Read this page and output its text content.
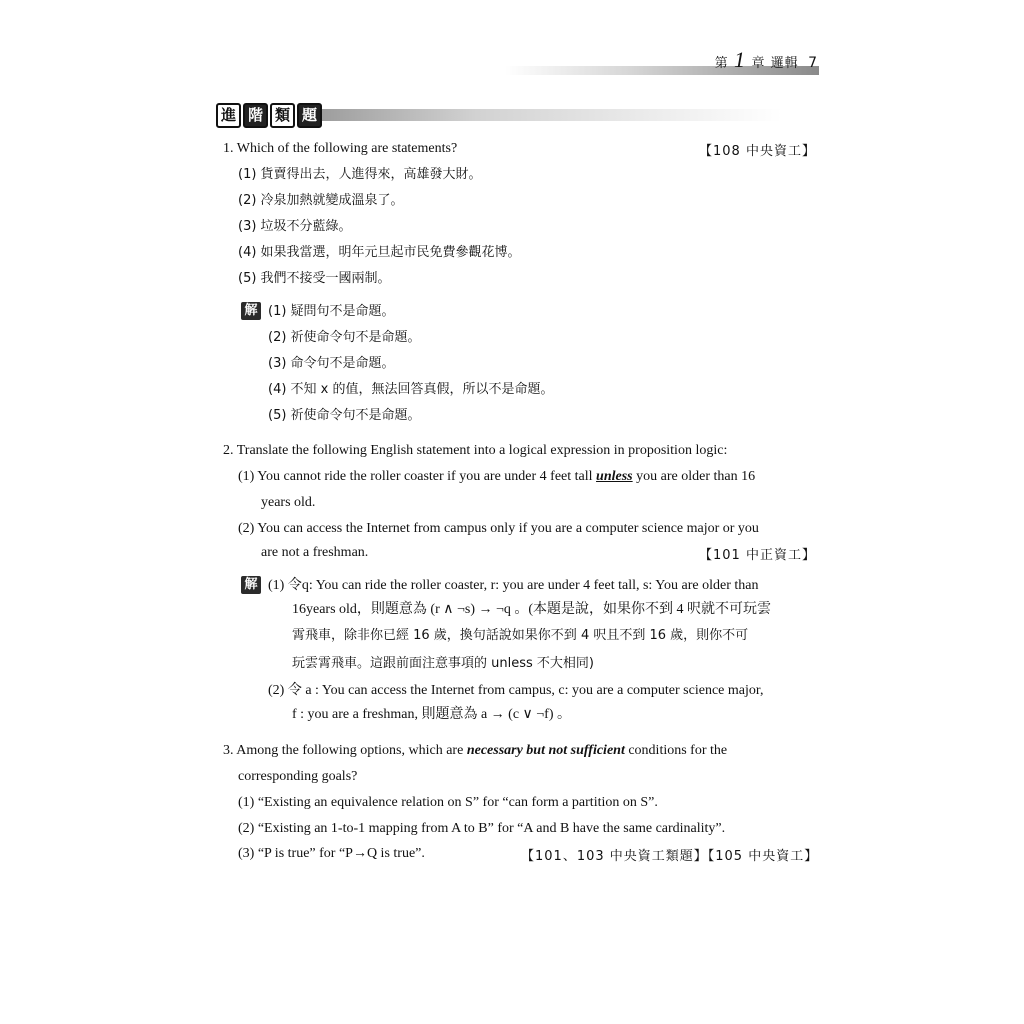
第 1 章 邏輯 7
進 階 類 題
1. Which of the following are statements?	【108 中央資工】
(1) 貨賣得出去，人進得來，高雄發大財。
(2) 冷泉加熱就變成溫泉了。
(3) 垃圾不分藍綠。
(4) 如果我當選，明年元旦起市民免費參觀花博。
(5) 我們不接受一國兩制。
解 (1) 疑問句不是命題。
(2) 祈使命令句不是命題。
(3) 命令句不是命題。
(4) 不知 x 的值，無法回答真假，所以不是命題。
(5) 祈使命令句不是命題。
2. Translate the following English statement into a logical expression in proposition logic:
(1) You cannot ride the roller coaster if you are under 4 feet tall unless you are older than 16
years old.
(2) You can access the Internet from campus only if you are a computer science major or you
are not a freshman.	【101 中正資工】
解 (1) 令q: You can ride the roller coaster, r: you are under 4 feet tall, s: You are older than
16years old，則題意為 (r ∧ ¬s) → ¬q 。(本題是說，如果你不到 4 呎就不可玩雲
霄飛車，除非你已經 16 歲，換句話說如果你不到 4 呎且不到 16 歲，則你不可
玩雲霄飛車。這跟前面注意事項的 unless 不大相同)
(2) 令 a : You can access the Internet from campus, c: you are a computer science major,
f : you are a freshman, 則題意為 a → (c ∨ ¬f) 。
3. Among the following options, which are necessary but not sufficient conditions for the
corresponding goals?
(1) “Existing an equivalence relation on S” for “can form a partition on S”.
(2) “Existing an 1-to-1 mapping from A to B” for “A and B have the same cardinality”.
(3) “P is true” for “P→Q is true”.	【101、103 中央資工類題】【105 中央資工】
